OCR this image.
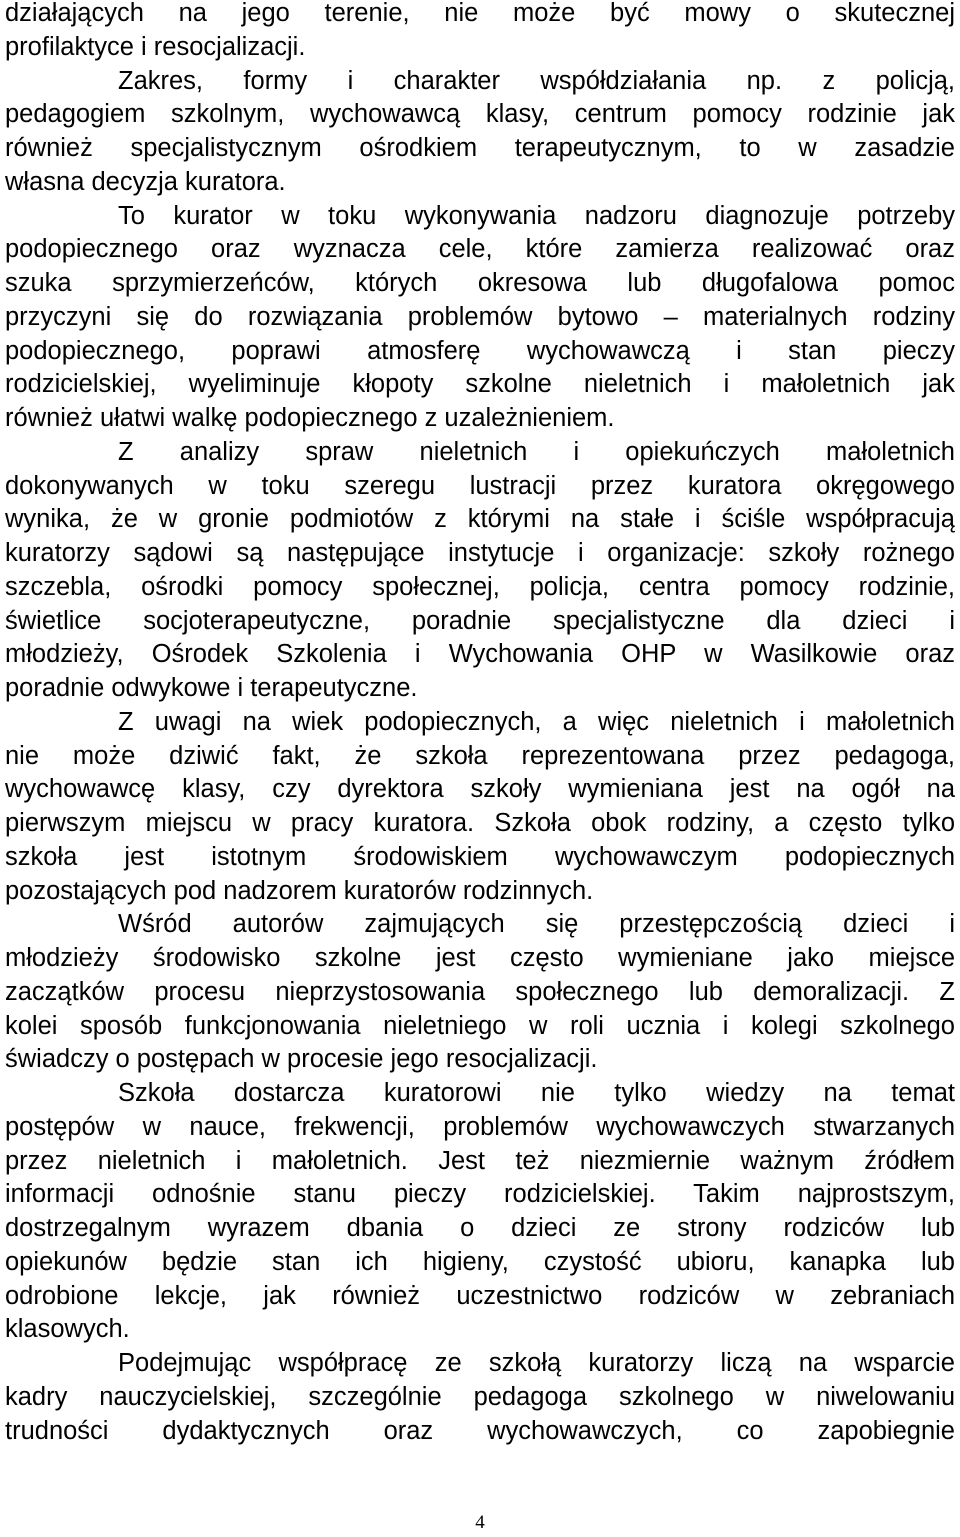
działających na jego terenie, nie może być mowy o skutecznej
profilaktyce i resocjalizacji.
Zakres, formy i charakter współdziałania np. z policją,
pedagogiem szkolnym, wychowawcą klasy, centrum pomocy rodzinie jak
również specjalistycznym ośrodkiem terapeutycznym, to w zasadzie
własna decyzja kuratora.
To kurator w toku wykonywania nadzoru diagnozuje potrzeby
podopiecznego oraz wyznacza cele, które zamierza realizować oraz
szuka sprzymierzeńców, których okresowa lub długofalowa pomoc
przyczyni się do rozwiązania problemów bytowo – materialnych rodziny
podopiecznego, poprawi atmosferę wychowawczą i stan pieczy
rodzicielskiej, wyeliminuje kłopoty szkolne nieletnich i małoletnich jak
również ułatwi walkę podopiecznego z uzależnieniem.
Z analizy spraw nieletnich i opiekuńczych małoletnich
dokonywanych w toku szeregu lustracji przez kuratora okręgowego
wynika, że w gronie podmiotów z którymi na stałe i ściśle współpracują
kuratorzy sądowi są następujące instytucje i organizacje: szkoły rożnego
szczebla, ośrodki pomocy społecznej, policja, centra pomocy rodzinie,
świetlice socjoterapeutyczne, poradnie specjalistyczne dla dzieci i
młodzieży, Ośrodek Szkolenia i Wychowania OHP w Wasilkowie oraz
poradnie odwykowe i terapeutyczne.
Z uwagi na wiek podopiecznych, a więc nieletnich i małoletnich
nie może dziwić fakt, że szkoła reprezentowana przez pedagoga,
wychowawcę klasy, czy dyrektora szkoły wymieniana jest na ogół na
pierwszym miejscu w pracy kuratora. Szkoła obok rodziny, a często tylko
szkoła jest istotnym środowiskiem wychowawczym podopiecznych
pozostających pod nadzorem kuratorów rodzinnych.
Wśród autorów zajmujących się przestępczością dzieci i
młodzieży środowisko szkolne jest często wymieniane jako miejsce
zaczątków procesu nieprzystosowania społecznego lub demoralizacji. Z
kolei sposób funkcjonowania nieletniego w roli ucznia i kolegi szkolnego
świadczy o postępach w procesie jego resocjalizacji.
Szkoła dostarcza kuratorowi nie tylko wiedzy na temat
postępów w nauce, frekwencji, problemów wychowawczych stwarzanych
przez nieletnich i małoletnich. Jest też niezmiernie ważnym źródłem
informacji odnośnie stanu pieczy rodzicielskiej. Takim najprostszym,
dostrzegalnym wyrazem dbania o dzieci ze strony rodziców lub
opiekunów będzie stan ich higieny, czystość ubioru, kanapka lub
odrobione lekcje, jak również uczestnictwo rodziców w zebraniach
klasowych.
Podejmując współpracę ze szkołą kuratorzy liczą na wsparcie
kadry nauczycielskiej, szczególnie pedagoga szkolnego w niwelowaniu
trudności dydaktycznych oraz wychowawczych, co zapobiegnie
4
